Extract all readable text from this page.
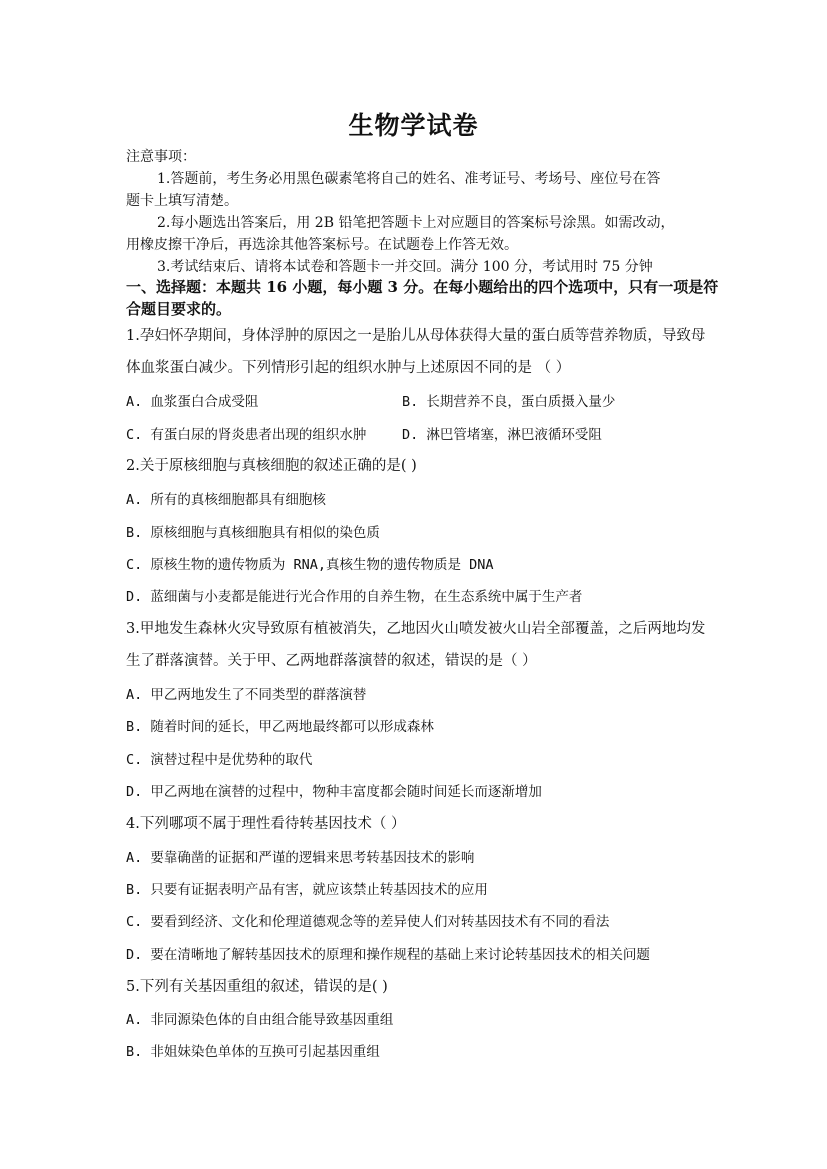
生物学试卷
注意事项：
1.答题前，考生务必用黑色碳素笔将自己的姓名、准考证号、考场号、座位号在答
题卡上填写清楚。
2.每小题选出答案后，用 2B 铅笔把答题卡上对应题目的答案标号涂黑。如需改动，
用橡皮擦干净后，再选涂其他答案标号。在试题卷上作答无效。
3.考试结束后、请将本试卷和答题卡一并交回。满分 100 分，考试用时 75 分钟
一、选择题：本题共 16 小题，每小题 3 分。在每小题给出的四个选项中，只有一项是符
合题目要求的。
1.孕妇怀孕期间，身体浮肿的原因之一是胎儿从母体获得大量的蛋白质等营养物质，导致母
体血浆蛋白减少。下列情形引起的组织水肿与上述原因不同的是 （ ）
A. 血浆蛋白合成受阻	B. 长期营养不良，蛋白质摄入量少
C. 有蛋白尿的肾炎患者出现的组织水肿	D. 淋巴管堵塞，淋巴液循环受阻
2.关于原核细胞与真核细胞的叙述正确的是( )
A. 所有的真核细胞都具有细胞核
B. 原核细胞与真核细胞具有相似的染色质
C. 原核生物的遗传物质为 RNA,真核生物的遗传物质是 DNA
D. 蓝细菌与小麦都是能进行光合作用的自养生物，在生态系统中属于生产者
3.甲地发生森林火灾导致原有植被消失，乙地因火山喷发被火山岩全部覆盖，之后两地均发
生了群落演替。关于甲、乙两地群落演替的叙述，错误的是（ ）
A. 甲乙两地发生了不同类型的群落演替
B. 随着时间的延长，甲乙两地最终都可以形成森林
C. 演替过程中是优势种的取代
D. 甲乙两地在演替的过程中，物种丰富度都会随时间延长而逐渐增加
4.下列哪项不属于理性看待转基因技术（ ）
A. 要靠确凿的证据和严谨的逻辑来思考转基因技术的影响
B. 只要有证据表明产品有害，就应该禁止转基因技术的应用
C. 要看到经济、文化和伦理道德观念等的差异使人们对转基因技术有不同的看法
D. 要在清晰地了解转基因技术的原理和操作规程的基础上来讨论转基因技术的相关问题
5.下列有关基因重组的叙述，错误的是( )
A. 非同源染色体的自由组合能导致基因重组
B. 非姐妹染色单体的互换可引起基因重组
